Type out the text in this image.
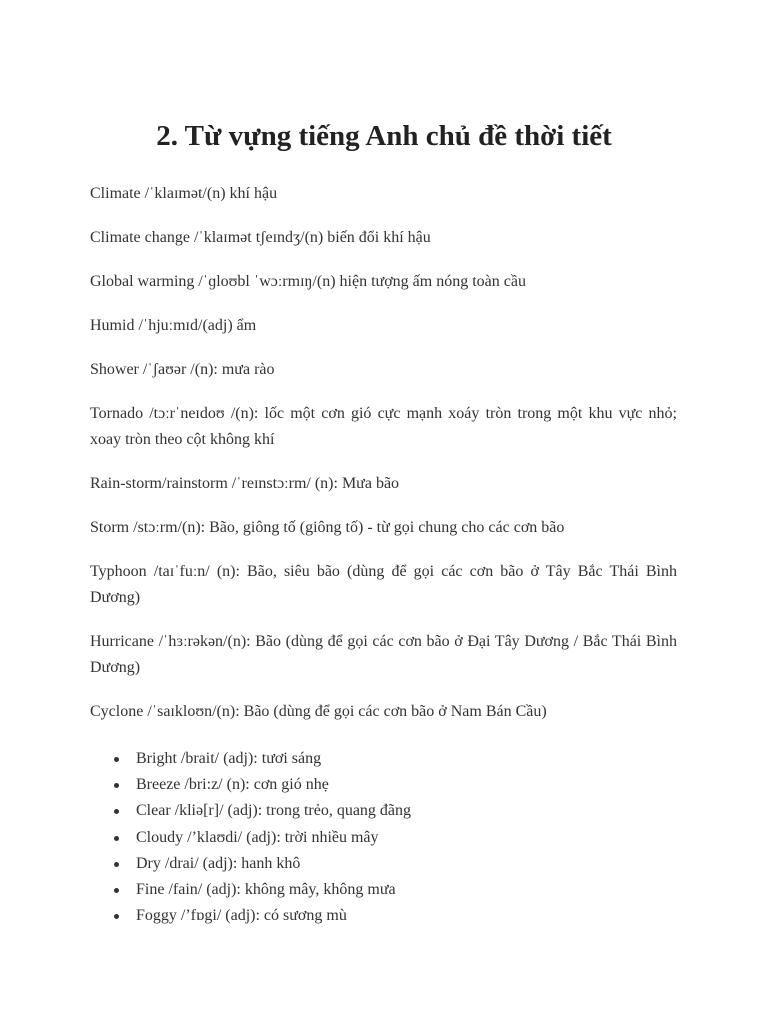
2. Từ vựng tiếng Anh chủ đề thời tiết

Climate /ˈklaɪmət/(n) khí hậu

Climate change /ˈklaɪmət tʃeɪndʒ/(n) biến đổi khí hậu

Global warming /ˈɡloʊbl ˈwɔːrmɪŋ/(n) hiện tượng ấm nóng toàn cầu

Humid /ˈhjuːmɪd/(adj) ẩm

Shower /ˈʃaʊər /(n): mưa rào

Tornado /tɔːrˈneɪdoʊ /(n): lốc một cơn gió cực mạnh xoáy tròn trong một khu vực nhỏ; xoay tròn theo cột không khí

Rain-storm/rainstorm /ˈreɪnstɔːrm/ (n): Mưa bão

Storm /stɔːrm/(n): Bão, giông tố (giông tố) - từ gọi chung cho các cơn bão

Typhoon /taɪˈfuːn/ (n): Bão, siêu bão (dùng để gọi các cơn bão ở Tây Bắc Thái Bình Dương)

Hurricane /ˈhɜːrəkən/(n): Bão (dùng để gọi các cơn bão ở Đại Tây Dương / Bắc Thái Bình Dương)

Cyclone /ˈsaɪkloʊn/(n): Bão (dùng để gọi các cơn bão ở Nam Bán Cầu)

Bright /brait/ (adj): tươi sáng
Breeze /bri:z/ (n): cơn gió nhẹ
Clear /kliə[r]/ (adj): trong trẻo, quang đãng
Cloudy /’klaʊdi/ (adj): trời nhiều mây
Dry /drai/ (adj): hanh khô
Fine /fain/ (adj): không mây, không mưa
Foggy /’fɒgi/ (adj): có sương mù
